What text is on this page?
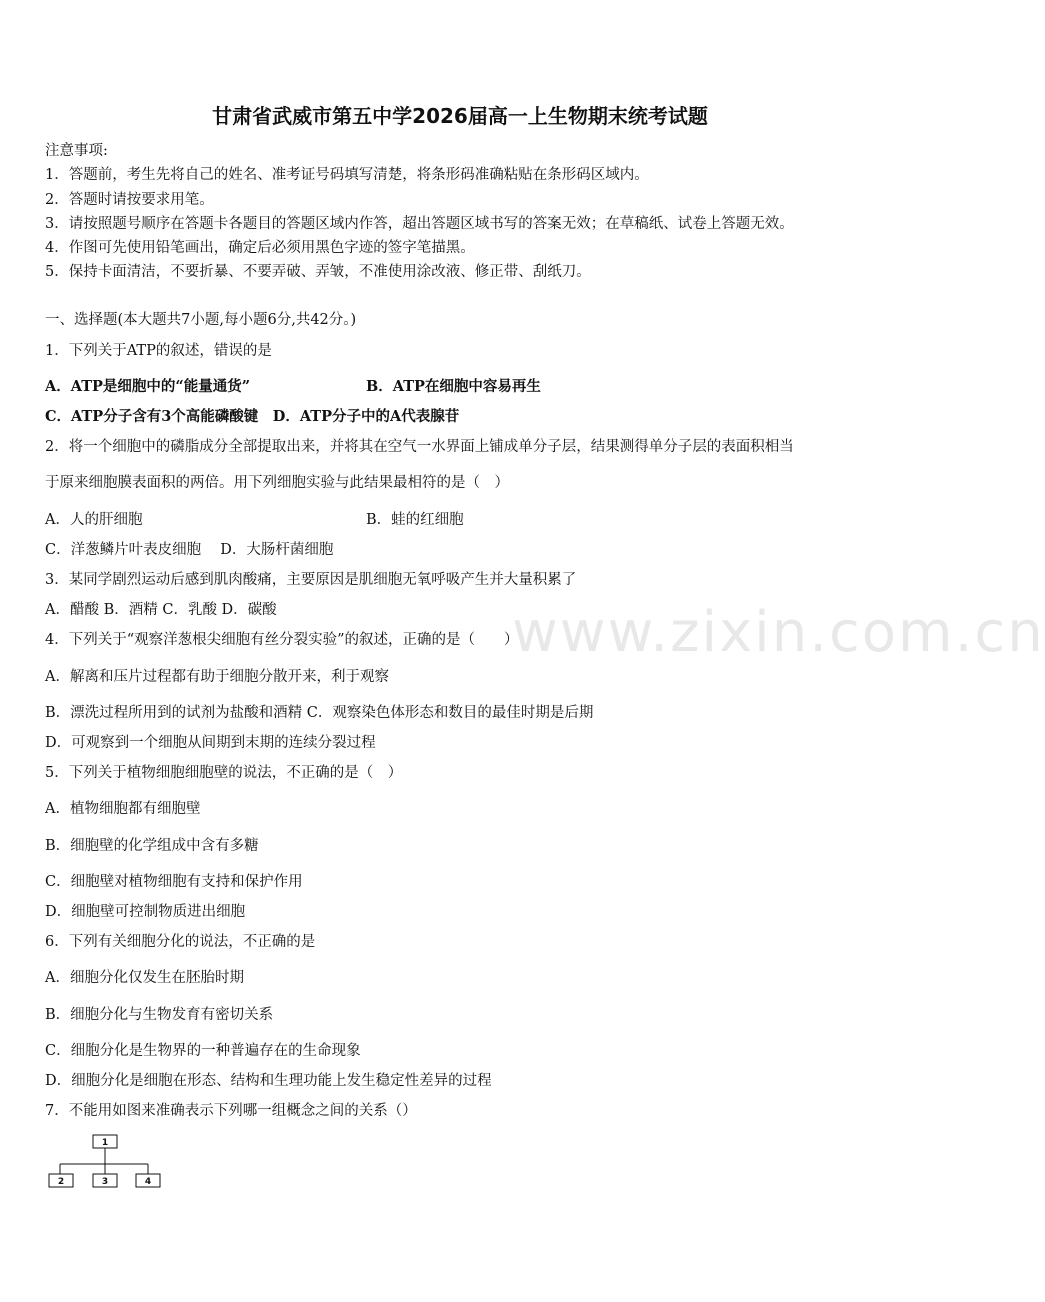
www.zixin.com.cn
甘肃省武威市第五中学2026届高一上生物期末统考试题
注意事项:
1．答题前，考生先将自己的姓名、准考证号码填写清楚，将条形码准确粘贴在条形码区域内。
2．答题时请按要求用笔。
3．请按照题号顺序在答题卡各题目的答题区域内作答，超出答题区域书写的答案无效；在草稿纸、试卷上答题无效。
4．作图可先使用铅笔画出，确定后必须用黑色字迹的签字笔描黑。
5．保持卡面清洁，不要折暴、不要弄破、弄皱，不准使用涂改液、修正带、刮纸刀。
一、选择题(本大题共7小题,每小题6分,共42分。)
1．下列关于ATP的叙述，错误的是
A．ATP是细胞中的“能量通货”	B．ATP在细胞中容易再生
C．ATP分子含有3个高能磷酸键　D．ATP分子中的A代表腺苷
2．将一个细胞中的磷脂成分全部提取出来，并将其在空气一水界面上铺成单分子层，结果测得单分子层的表面积相当
于原来细胞膜表面积的两倍。用下列细胞实验与此结果最相符的是（　）
A．人的肝细胞	B．蛙的红细胞
C．洋葱鳞片叶表皮细胞　 D．大肠杆菌细胞
3．某同学剧烈运动后感到肌肉酸痛，主要原因是肌细胞无氧呼吸产生并大量积累了
A．醋酸 B．酒精 C．乳酸 D．碳酸
4．下列关于“观察洋葱根尖细胞有丝分裂实验”的叙述，正确的是（　　）
A．解离和压片过程都有助于细胞分散开来，利于观察
B．漂洗过程所用到的试剂为盐酸和酒精 C．观察染色体形态和数目的最佳时期是后期
D．可观察到一个细胞从间期到末期的连续分裂过程
5．下列关于植物细胞细胞壁的说法，不正确的是（　）
A．植物细胞都有细胞壁
B．细胞壁的化学组成中含有多糖
C．细胞壁对植物细胞有支持和保护作用
D．细胞壁可控制物质进出细胞
6．下列有关细胞分化的说法，不正确的是
A．细胞分化仅发生在胚胎时期
B．细胞分化与生物发育有密切关系
C．细胞分化是生物界的一种普遍存在的生命现象
D．细胞分化是细胞在形态、结构和生理功能上发生稳定性差异的过程
7．不能用如图来准确表示下列哪一组概念之间的关系（）
1
2	3	4
